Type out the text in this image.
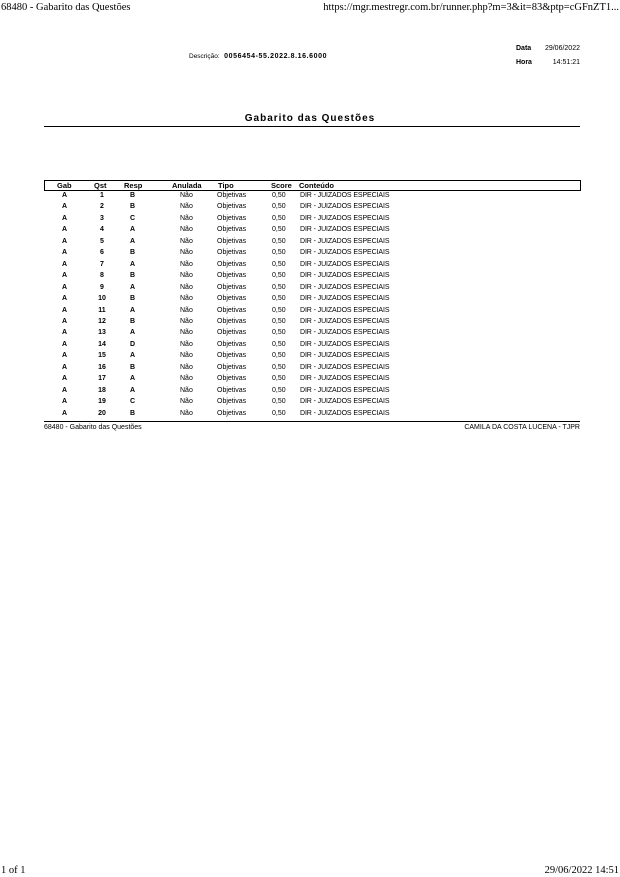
68480 - Gabarito das Questões	https://mgr.mestregr.com.br/runner.php?m=3&it=83&ptp=cGFnZT1...
Descrição: 0056454-55.2022.8.16.6000
Data 29/06/2022
Hora	14:51:21
Gabarito das Questões
Gab	Qst Resp	Anulada Tipo	Score Conteúdo
A	1	B	Não	Objetivas	0,50 DIR - JUIZADOS ESPECIAIS
A	2	B	Não	Objetivas	0,50 DIR - JUIZADOS ESPECIAIS
A	3	C	Não	Objetivas	0,50 DIR - JUIZADOS ESPECIAIS
A	4	A	Não	Objetivas	0,50 DIR - JUIZADOS ESPECIAIS
A	5	A	Não	Objetivas	0,50 DIR - JUIZADOS ESPECIAIS
A	6	B	Não	Objetivas	0,50 DIR - JUIZADOS ESPECIAIS
A	7	A	Não	Objetivas	0,50 DIR - JUIZADOS ESPECIAIS
A	8	B	Não	Objetivas	0,50 DIR - JUIZADOS ESPECIAIS
A	9	A	Não	Objetivas	0,50 DIR - JUIZADOS ESPECIAIS
A	10	B	Não	Objetivas	0,50 DIR - JUIZADOS ESPECIAIS
A	11	A	Não	Objetivas	0,50 DIR - JUIZADOS ESPECIAIS
A	12	B	Não	Objetivas	0,50 DIR - JUIZADOS ESPECIAIS
A	13	A	Não	Objetivas	0,50 DIR - JUIZADOS ESPECIAIS
A	14	D	Não	Objetivas	0,50 DIR - JUIZADOS ESPECIAIS
A	15	A	Não	Objetivas	0,50 DIR - JUIZADOS ESPECIAIS
A	16	B	Não	Objetivas	0,50 DIR - JUIZADOS ESPECIAIS
A	17	A	Não	Objetivas	0,50 DIR - JUIZADOS ESPECIAIS
A	18	A	Não	Objetivas	0,50 DIR - JUIZADOS ESPECIAIS
A	19	C	Não	Objetivas	0,50 DIR - JUIZADOS ESPECIAIS
A	20	B	Não	Objetivas	0,50 DIR - JUIZADOS ESPECIAIS
68480 - Gabarito das Questões	CAMILA DA COSTA LUCENA - TJPR
1 of 1	29/06/2022 14:51
